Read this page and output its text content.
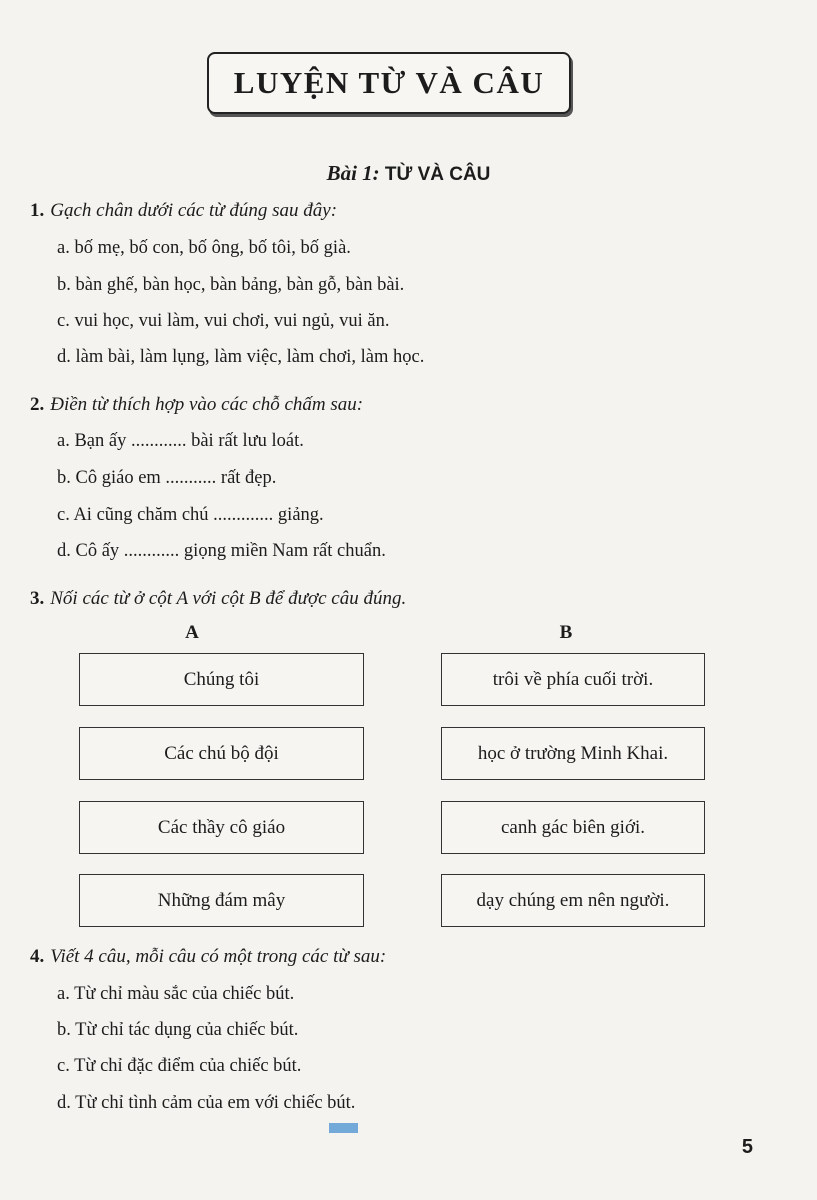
LUYỆN TỪ VÀ CÂU
Bài 1: TỪ VÀ CÂU
1. Gạch chân dưới các từ đúng sau đây:
a. bố mẹ, bố con, bố ông, bố tôi, bố già.
b. bàn ghế, bàn học, bàn bảng, bàn gỗ, bàn bài.
c. vui học, vui làm, vui chơi, vui ngủ, vui ăn.
d. làm bài, làm lụng, làm việc, làm chơi, làm học.
2. Điền từ thích hợp vào các chỗ chấm sau:
a. Bạn ấy ............ bài rất lưu loát.
b. Cô giáo em ........... rất đẹp.
c. Ai cũng chăm chú ............. giảng.
d. Cô ấy ............ giọng miền Nam rất chuẩn.
3. Nối các từ ở cột A với cột B để được câu đúng.
A	B
Chúng tôi
Các chú bộ đội
Các thầy cô giáo
Những đám mây
trôi về phía cuối trời.
học ở trường Minh Khai.
canh gác biên giới.
dạy chúng em nên người.
4. Viết 4 câu, mỗi câu có một trong các từ sau:
a. Từ chỉ màu sắc của chiếc bút.
b. Từ chỉ tác dụng của chiếc bút.
c. Từ chỉ đặc điểm của chiếc bút.
d. Từ chỉ tình cảm của em với chiếc bút.
5
